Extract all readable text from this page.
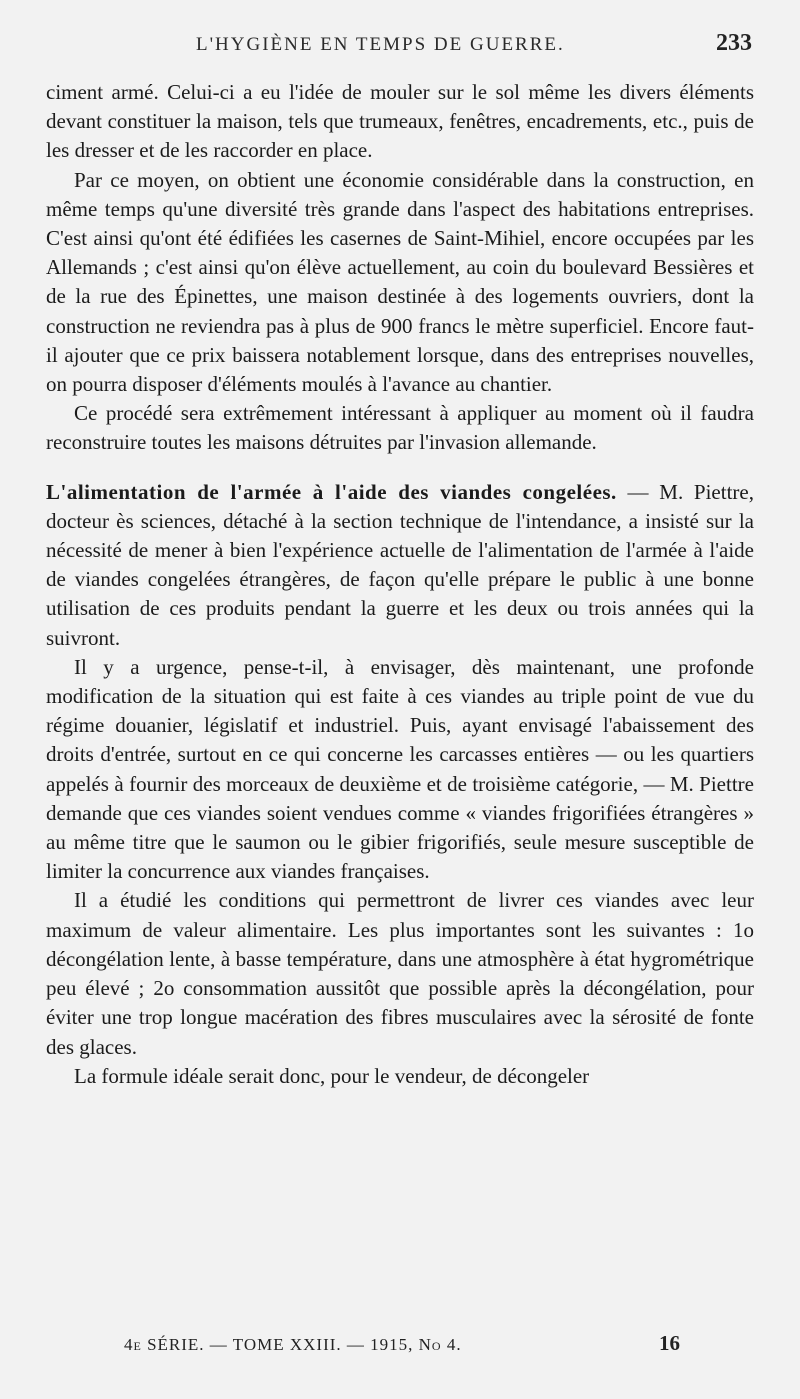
L'HYGIÈNE EN TEMPS DE GUERRE.	233

ciment armé. Celui-ci a eu l'idée de mouler sur le sol même les divers éléments devant constituer la maison, tels que trumeaux, fenêtres, encadrements, etc., puis de les dresser et de les raccorder en place.

Par ce moyen, on obtient une économie considérable dans la construction, en même temps qu'une diversité très grande dans l'aspect des habitations entreprises. C'est ainsi qu'ont été édifiées les casernes de Saint-Mihiel, encore occupées par les Allemands ; c'est ainsi qu'on élève actuellement, au coin du boulevard Bessières et de la rue des Épinettes, une maison destinée à des logements ouvriers, dont la construction ne reviendra pas à plus de 900 francs le mètre superficiel. Encore faut-il ajouter que ce prix baissera notablement lorsque, dans des entreprises nouvelles, on pourra disposer d'éléments moulés à l'avance au chantier.

Ce procédé sera extrêmement intéressant à appliquer au moment où il faudra reconstruire toutes les maisons détruites par l'invasion allemande.

L'alimentation de l'armée à l'aide des viandes congelées. — M. Piettre, docteur ès sciences, détaché à la section technique de l'intendance, a insisté sur la nécessité de mener à bien l'expérience actuelle de l'alimentation de l'armée à l'aide de viandes congelées étrangères, de façon qu'elle prépare le public à une bonne utilisation de ces produits pendant la guerre et les deux ou trois années qui la suivront.

Il y a urgence, pense-t-il, à envisager, dès maintenant, une profonde modification de la situation qui est faite à ces viandes au triple point de vue du régime douanier, législatif et industriel. Puis, ayant envisagé l'abaissement des droits d'entrée, surtout en ce qui concerne les carcasses entières — ou les quartiers appelés à fournir des morceaux de deuxième et de troisième catégorie, — M. Piettre demande que ces viandes soient vendues comme « viandes frigorifiées étrangères » au même titre que le saumon ou le gibier frigorifiés, seule mesure susceptible de limiter la concurrence aux viandes françaises.

Il a étudié les conditions qui permettront de livrer ces viandes avec leur maximum de valeur alimentaire. Les plus importantes sont les suivantes : 1o décongélation lente, à basse température, dans une atmosphère à état hygrométrique peu élevé ; 2o consommation aussitôt que possible après la décongélation, pour éviter une trop longue macération des fibres musculaires avec la sérosité de fonte des glaces.

La formule idéale serait donc, pour le vendeur, de décongeler

4e SÉRIE. — TOME XXIII. — 1915, No 4.	16
